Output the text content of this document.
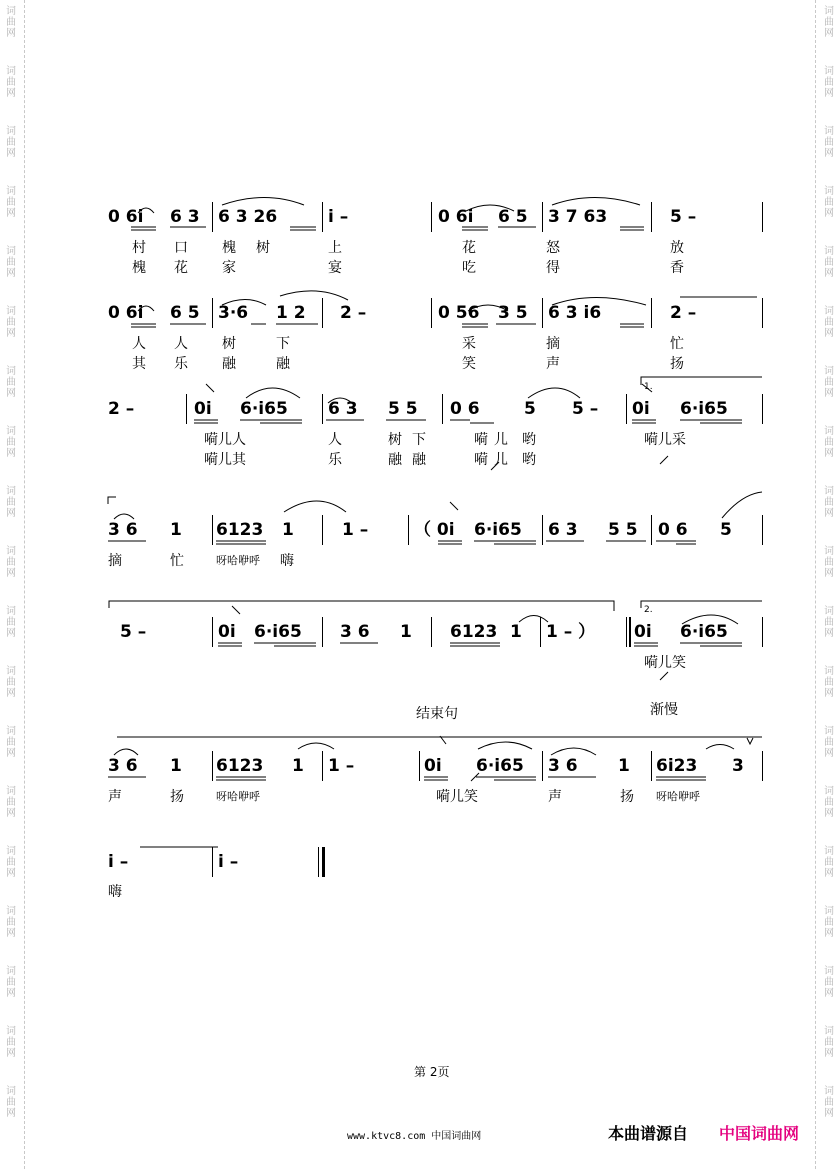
词
曲
网
词
曲
网
词
曲
网
词
曲
网
词
曲
网
词
曲
网
词
曲
网
词
曲
网
词
曲
网
词
曲
网
词
曲
网
词
曲
网
词
曲
网
词
曲
网
词
曲
网
词
曲
网
词
曲
网
词
曲
网
词
曲
网
词
曲
网
词
曲
网
词
曲
网
词
曲
网
词
曲
网
词
曲
网
词
曲
网
词
曲
网
词
曲
网
词
曲
网
词
曲
网
词
曲
网
词
曲
网
词
曲
网
词
曲
网
词
曲
网
词
曲
网
词
曲
网
词
曲
网
0 6i 6 3 6 3 26	i –	0 6i 6 5 3 7 63	5 –
村 口 槐 树	上	花	怒	放
槐 花 家	宴	吃	得	香
0 6i 6 5 3·6 1 2 2 –	0 56 3 5 6 3 i6	2 –
人 人 树	下	采	摘	忙
其 乐 融	融	笑	声	扬
2 –	0i 6·i65 6 3 5 5 0 6	5 5 – 0i 6·i65
1.
嗬儿人	人	树 下	嗬 儿 哟	嗬儿采
嗬儿其	乐	融 融	嗬 儿 哟
3 6 1 6123 1	1 –	（ 0i 6·i65 6 3 5 5 0 6 5
摘	忙	呀哈咿呼 嗨
5 –	0i 6·i65 3 6 1 6123 1 1 – ） 0i 6·i65
2.
嗬儿笑
结束句	渐慢
3 6 1 6123 1 1 –	0i 6·i65 3 6 1 6i23 3
声	扬	呀哈咿呼	嗬儿笑	声	扬 呀哈咿呼
i –	i –
嗨
第 2页
www.ktvc8.com 中国词曲网	本曲谱源自 中国词曲网
